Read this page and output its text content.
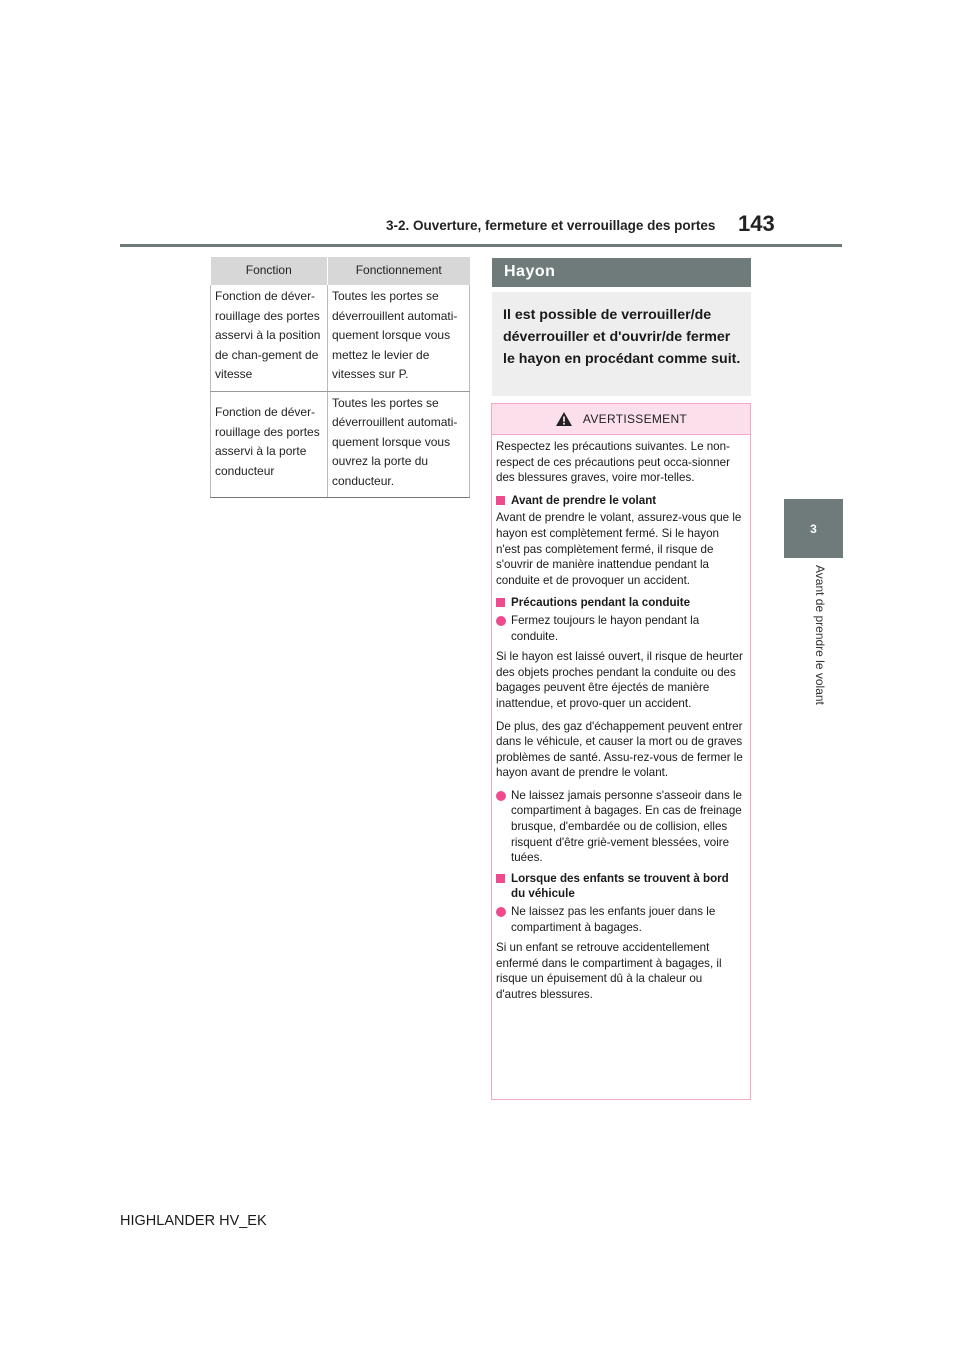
3-2. Ouverture, fermeture et verrouillage des portes 143
3
Avant de prendre le volant
Fonction	Fonctionnement
Fonction de déver-rouillage des portes asservi à la position de chan-gement de vitesse	Toutes les portes se déverrouillent automati-quement lorsque vous mettez le levier de vitesses sur P.
Fonction de déver-rouillage des portes asservi à la porte conducteur	Toutes les portes se déverrouillent automati-quement lorsque vous ouvrez la porte du conducteur.
Hayon
Il est possible de verrouiller/de déverrouiller et d'ouvrir/de fermer le hayon en procédant comme suit.
AVERTISSEMENT

Respectez les précautions suivantes. Le non-respect de ces précautions peut occa-sionner des blessures graves, voire mor-telles.

Avant de prendre le volant

Avant de prendre le volant, assurez-vous que le hayon est complètement fermé. Si le hayon n'est pas complètement fermé, il risque de s'ouvrir de manière inattendue pendant la conduite et de provoquer un accident.

Précautions pendant la conduite
Fermez toujours le hayon pendant la conduite.

Si le hayon est laissé ouvert, il risque de heurter des objets proches pendant la conduite ou des bagages peuvent être éjectés de manière inattendue, et provo-quer un accident.

De plus, des gaz d'échappement peuvent entrer dans le véhicule, et causer la mort ou de graves problèmes de santé. Assu-rez-vous de fermer le hayon avant de prendre le volant.

Ne laissez jamais personne s'asseoir dans le compartiment à bagages. En cas de freinage brusque, d'embardée ou de collision, elles risquent d'être griè-vement blessées, voire tuées.
Lorsque des enfants se trouvent à bord du véhicule
Ne laissez pas les enfants jouer dans le compartiment à bagages.

Si un enfant se retrouve accidentellement enfermé dans le compartiment à bagages, il risque un épuisement dû à la chaleur ou d'autres blessures.

HIGHLANDER HV_EK
